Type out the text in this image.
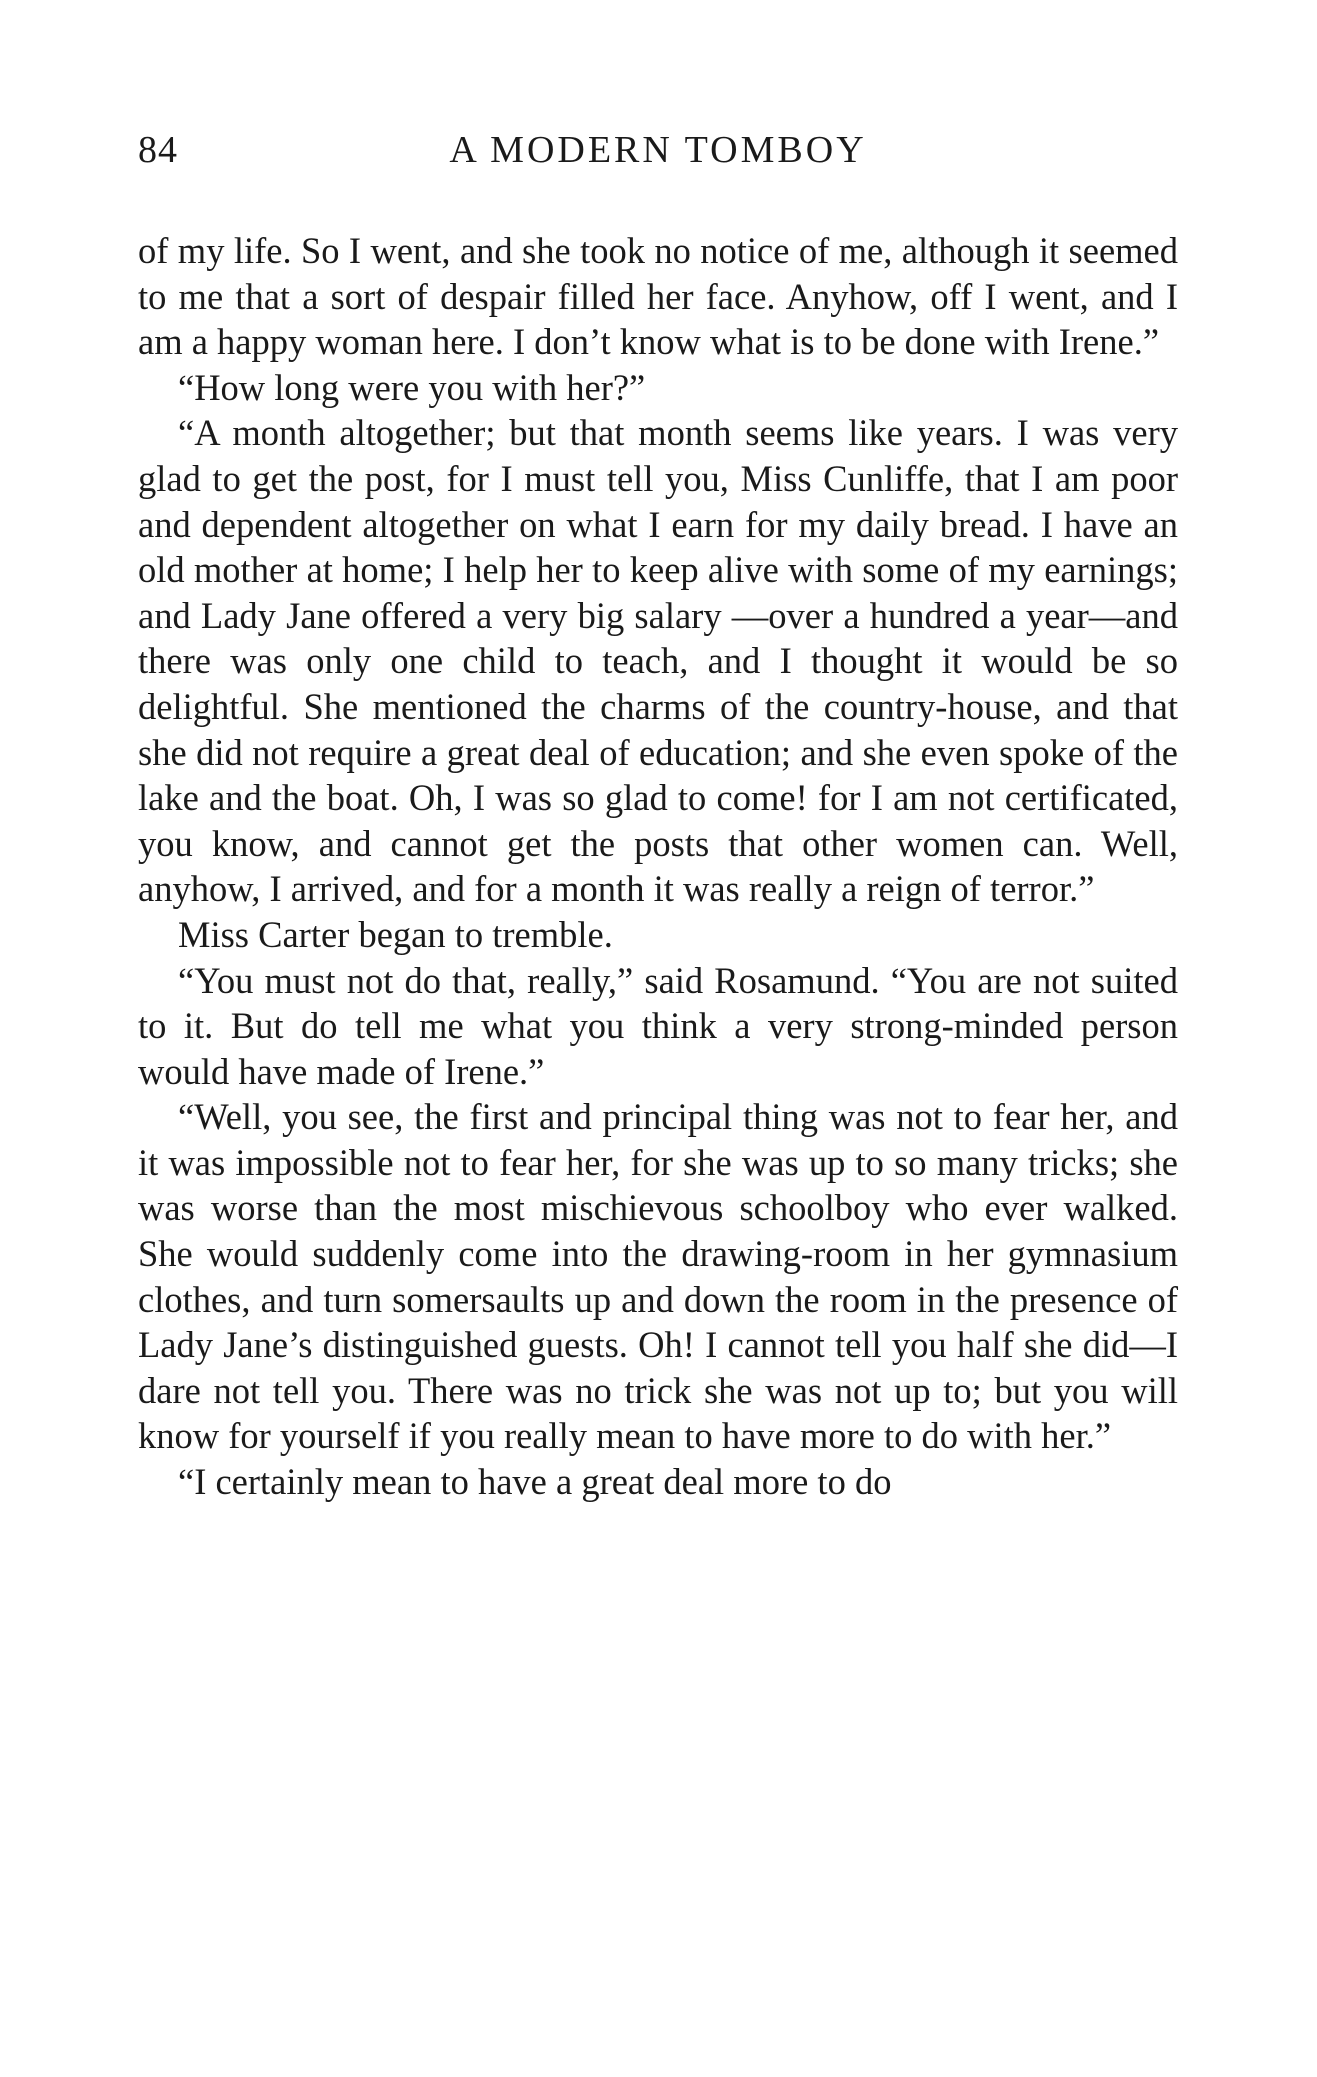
84	A MODERN TOMBOY

of my life. So I went, and she took no notice of me, although it seemed to me that a sort of despair filled her face. Anyhow, off I went, and I am a happy woman here. I don’t know what is to be done with Irene.”

“How long were you with her?”

“A month altogether; but that month seems like years. I was very glad to get the post, for I must tell you, Miss Cunliffe, that I am poor and dependent altogether on what I earn for my daily bread. I have an old mother at home; I help her to keep alive with some of my earnings; and Lady Jane offered a very big salary —over a hundred a year—and there was only one child to teach, and I thought it would be so delightful. She mentioned the charms of the country-house, and that she did not require a great deal of education; and she even spoke of the lake and the boat. Oh, I was so glad to come! for I am not certificated, you know, and cannot get the posts that other women can. Well, anyhow, I arrived, and for a month it was really a reign of terror.”

Miss Carter began to tremble.

“You must not do that, really,” said Rosamund. “You are not suited to it. But do tell me what you think a very strong-minded person would have made of Irene.”

“Well, you see, the first and principal thing was not to fear her, and it was impossible not to fear her, for she was up to so many tricks; she was worse than the most mischievous schoolboy who ever walked. She would suddenly come into the drawing-room in her gymnasium clothes, and turn somersaults up and down the room in the presence of Lady Jane’s distinguished guests. Oh! I cannot tell you half she did—I dare not tell you. There was no trick she was not up to; but you will know for yourself if you really mean to have more to do with her.”

“I certainly mean to have a great deal more to do
